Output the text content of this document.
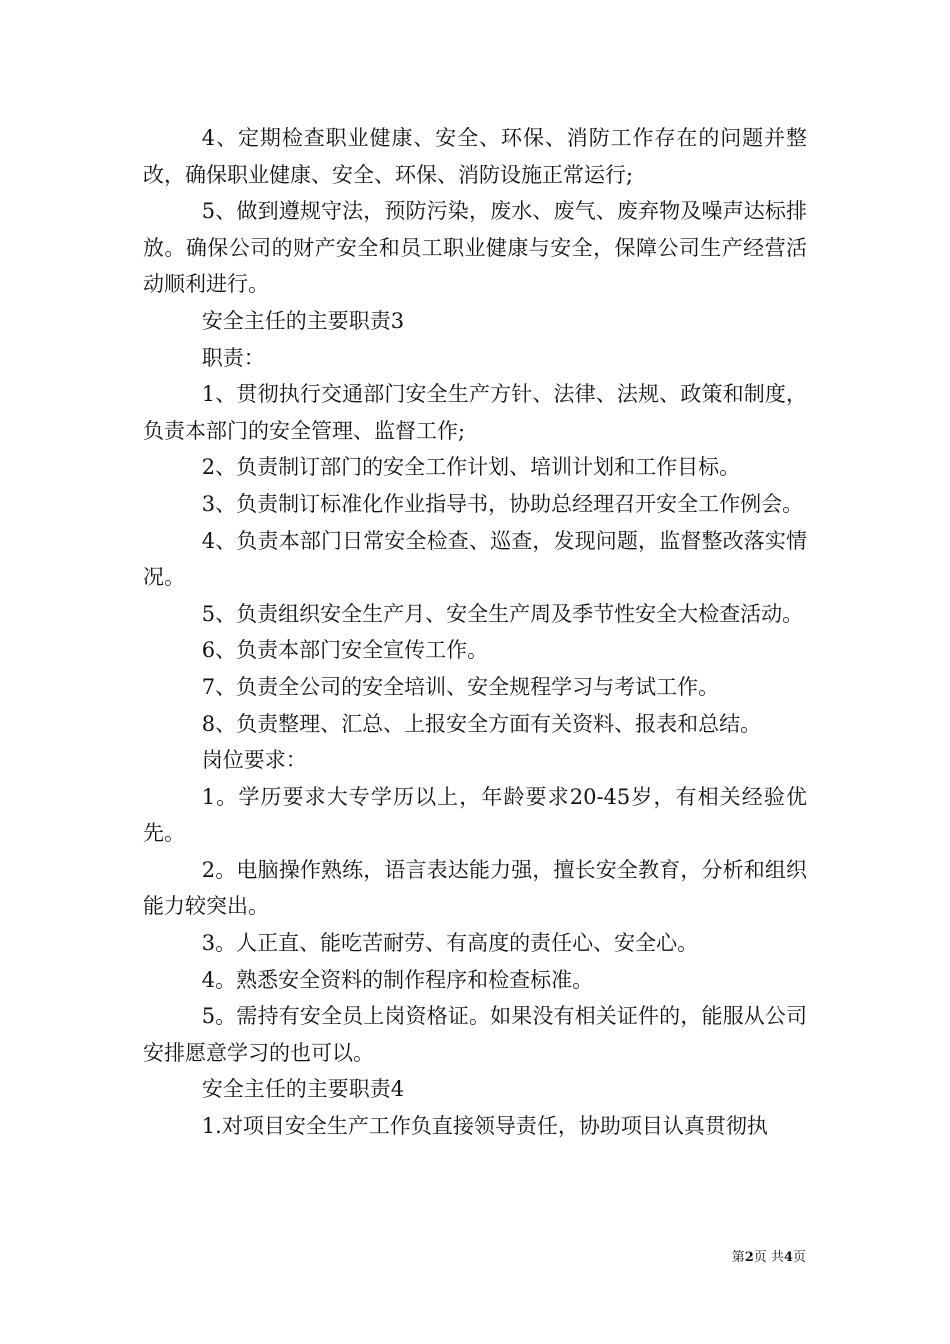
4、定期检查职业健康、安全、环保、消防工作存在的问题并整改，确保职业健康、安全、环保、消防设施正常运行;

5、做到遵规守法，预防污染，废水、废气、废弃物及噪声达标排放。确保公司的财产安全和员工职业健康与安全，保障公司生产经营活动顺利进行。

安全主任的主要职责3

职责：

1、贯彻执行交通部门安全生产方针、法律、法规、政策和制度，负责本部门的安全管理、监督工作;

2、负责制订部门的安全工作计划、培训计划和工作目标。

3、负责制订标准化作业指导书，协助总经理召开安全工作例会。

4、负责本部门日常安全检查、巡查，发现问题，监督整改落实情况。

5、负责组织安全生产月、安全生产周及季节性安全大检查活动。

6、负责本部门安全宣传工作。

7、负责全公司的安全培训、安全规程学习与考试工作。

8、负责整理、汇总、上报安全方面有关资料、报表和总结。

岗位要求：

1。学历要求大专学历以上，年龄要求20-45岁，有相关经验优先。

2。电脑操作熟练，语言表达能力强，擅长安全教育，分析和组织能力较突出。

3。人正直、能吃苦耐劳、有高度的责任心、安全心。

4。熟悉安全资料的制作程序和检查标准。

5。需持有安全员上岗资格证。如果没有相关证件的，能服从公司安排愿意学习的也可以。

安全主任的主要职责4

1.对项目安全生产工作负直接领导责任，协助项目认真贯彻执

第2页 共4页
